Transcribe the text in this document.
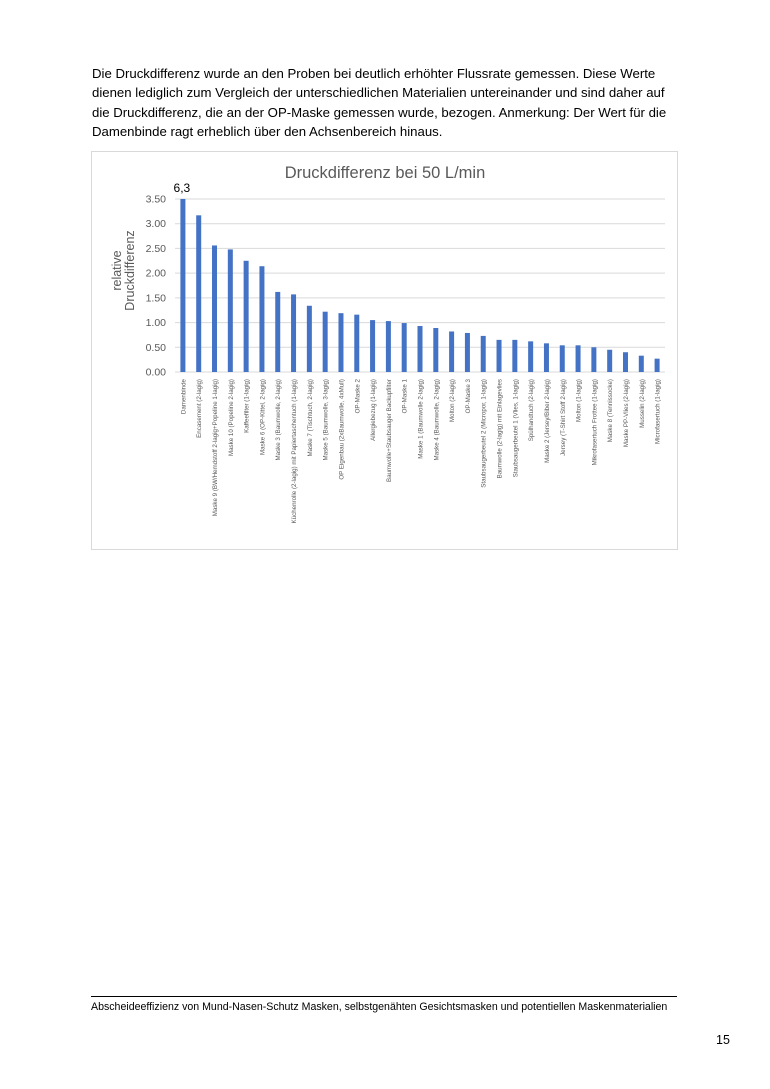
Die Druckdifferenz wurde an den Proben bei deutlich erhöhter Flussrate gemessen. Diese Werte dienen lediglich zum Vergleich der unterschiedlichen Materialien untereinander und sind daher auf die Druckdifferenz, die an der OP-Maske gemessen wurde, bezogen. Anmerkung: Der Wert für die Damenbinde ragt erheblich über den Achsenbereich hinaus.

Druckdifferenz bei 50 L/min
0.00
0.50
1.00
1.50
2.00
2.50
3.00
3.50
Damenbinde Encasement (2-lagig) Maske 9 (BW/Hemdstoff 2-lagig+Popeline 1-lagig) Maske 10 (Popeline 2-lagig) Kaffeefilter (1-lagig) Maske 6 (OP-Kittel, 2-lagig) Maske 3 (Baumwolle, 2-lagig) Küchenrolle (2-lagig) mit Papiertaschentuch (1-lagig) Maske 7 (Tischtuch, 2-lagig) Maske 5 (Baumwolle, 3-lagig) OP Eigenbau (2xBaumwolle, 4xMull) OP-Maske 2 Allergiebezug (1-lagig) Baumwolle+Staubsauger Backupfilter OP-Maske 1 Maske 1 (Baumwolle 2-lagig) Maske 4 (Baumwolle, 2-lagig) Molton (2-lagig) OP-Maske 3 Staubsaugerbeutel 2 (Micropor, 1-lagig) Baumwolle (2-lagig) mit Einlagevlies Staubsaugerbeutel 1 (Vlies, 1-lagig) Spülhandtuch (2-lagig) Maske 2 (Jersey/Biber 2-lagig) Jersey (T-Shirt Stoff 2-lagig) Molton (1-lagig) Mikrofasertuch Frottee (1-lagig) Maske 8 (Tennissocke) Maske PP-Vlies (2-lagig) Musselin (2-lagig) Microfasertuch (1-lagig)
6,3
relative Druckdifferenz
Abscheideeffizienz von Mund-Nasen-Schutz Masken, selbstgenähten Gesichtsmasken und potentiellen Maskenmaterialien
15
